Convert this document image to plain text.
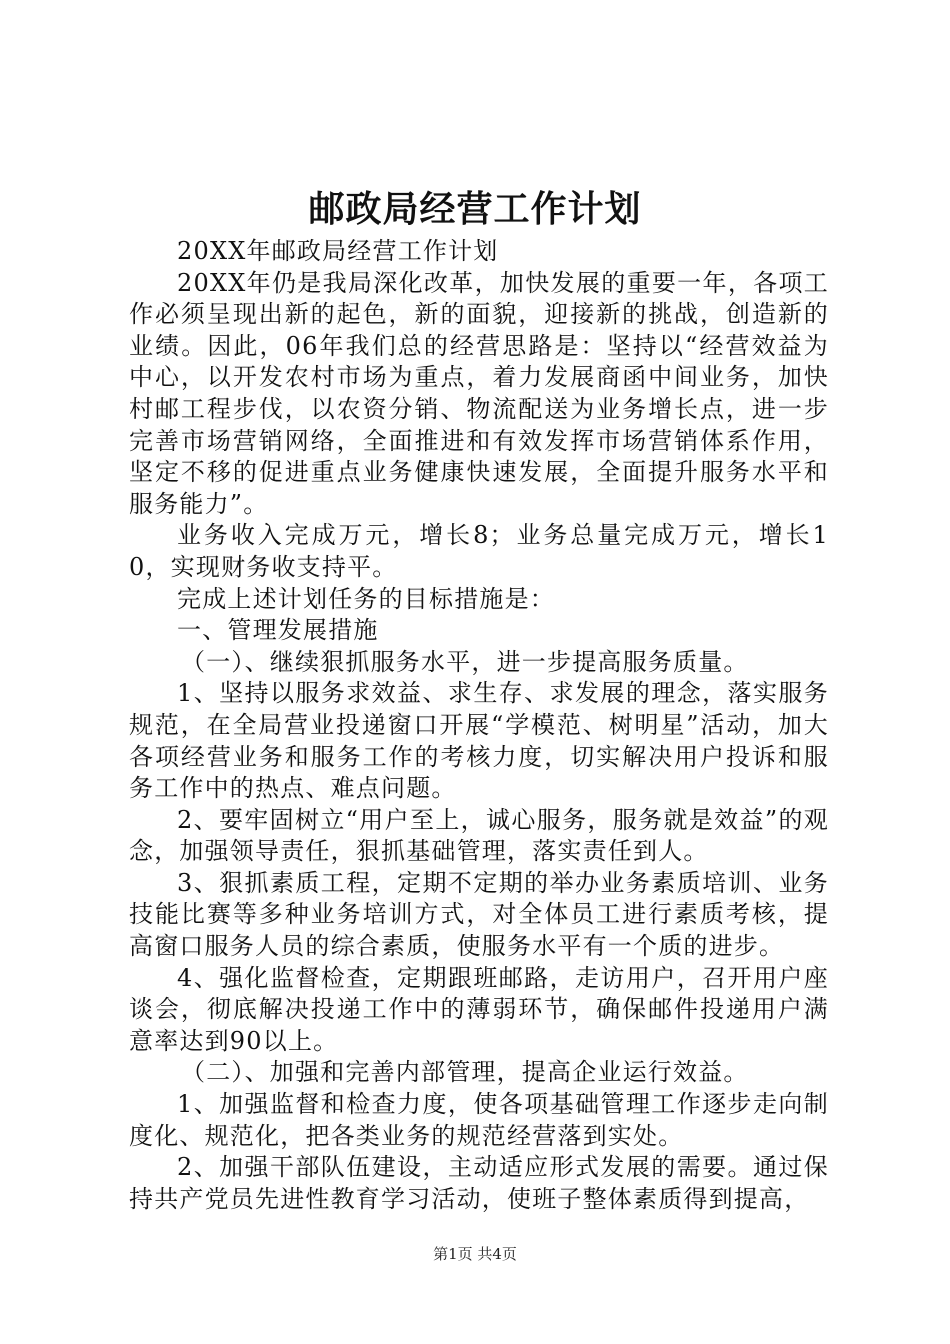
邮政局经营工作计划

20XX年邮政局经营工作计划

20XX年仍是我局深化改革，加快发展的重要一年，各项工作必须呈现出新的起色，新的面貌，迎接新的挑战，创造新的业绩。因此，06年我们总的经营思路是：坚持以“经营效益为中心，以开发农村市场为重点，着力发展商函中间业务，加快村邮工程步伐，以农资分销、物流配送为业务增长点，进一步完善市场营销网络，全面推进和有效发挥市场营销体系作用，坚定不移的促进重点业务健康快速发展，全面提升服务水平和服务能力”。

业务收入完成万元，增长8；业务总量完成万元，增长10，实现财务收支持平。

完成上述计划任务的目标措施是：

一、管理发展措施

（一）、继续狠抓服务水平，进一步提高服务质量。

1、坚持以服务求效益、求生存、求发展的理念，落实服务规范，在全局营业投递窗口开展“学模范、树明星”活动，加大各项经营业务和服务工作的考核力度，切实解决用户投诉和服务工作中的热点、难点问题。

2、要牢固树立“用户至上，诚心服务，服务就是效益”的观念，加强领导责任，狠抓基础管理，落实责任到人。

3、狠抓素质工程，定期不定期的举办业务素质培训、业务技能比赛等多种业务培训方式，对全体员工进行素质考核，提高窗口服务人员的综合素质，使服务水平有一个质的进步。

4、强化监督检查，定期跟班邮路，走访用户，召开用户座谈会，彻底解决投递工作中的薄弱环节，确保邮件投递用户满意率达到90以上。

（二）、加强和完善内部管理，提高企业运行效益。

1、加强监督和检查力度，使各项基础管理工作逐步走向制度化、规范化，把各类业务的规范经营落到实处。

2、加强干部队伍建设，主动适应形式发展的需要。通过保持共产党员先进性教育学习活动，使班子整体素质得到提高，

第1页 共4页
